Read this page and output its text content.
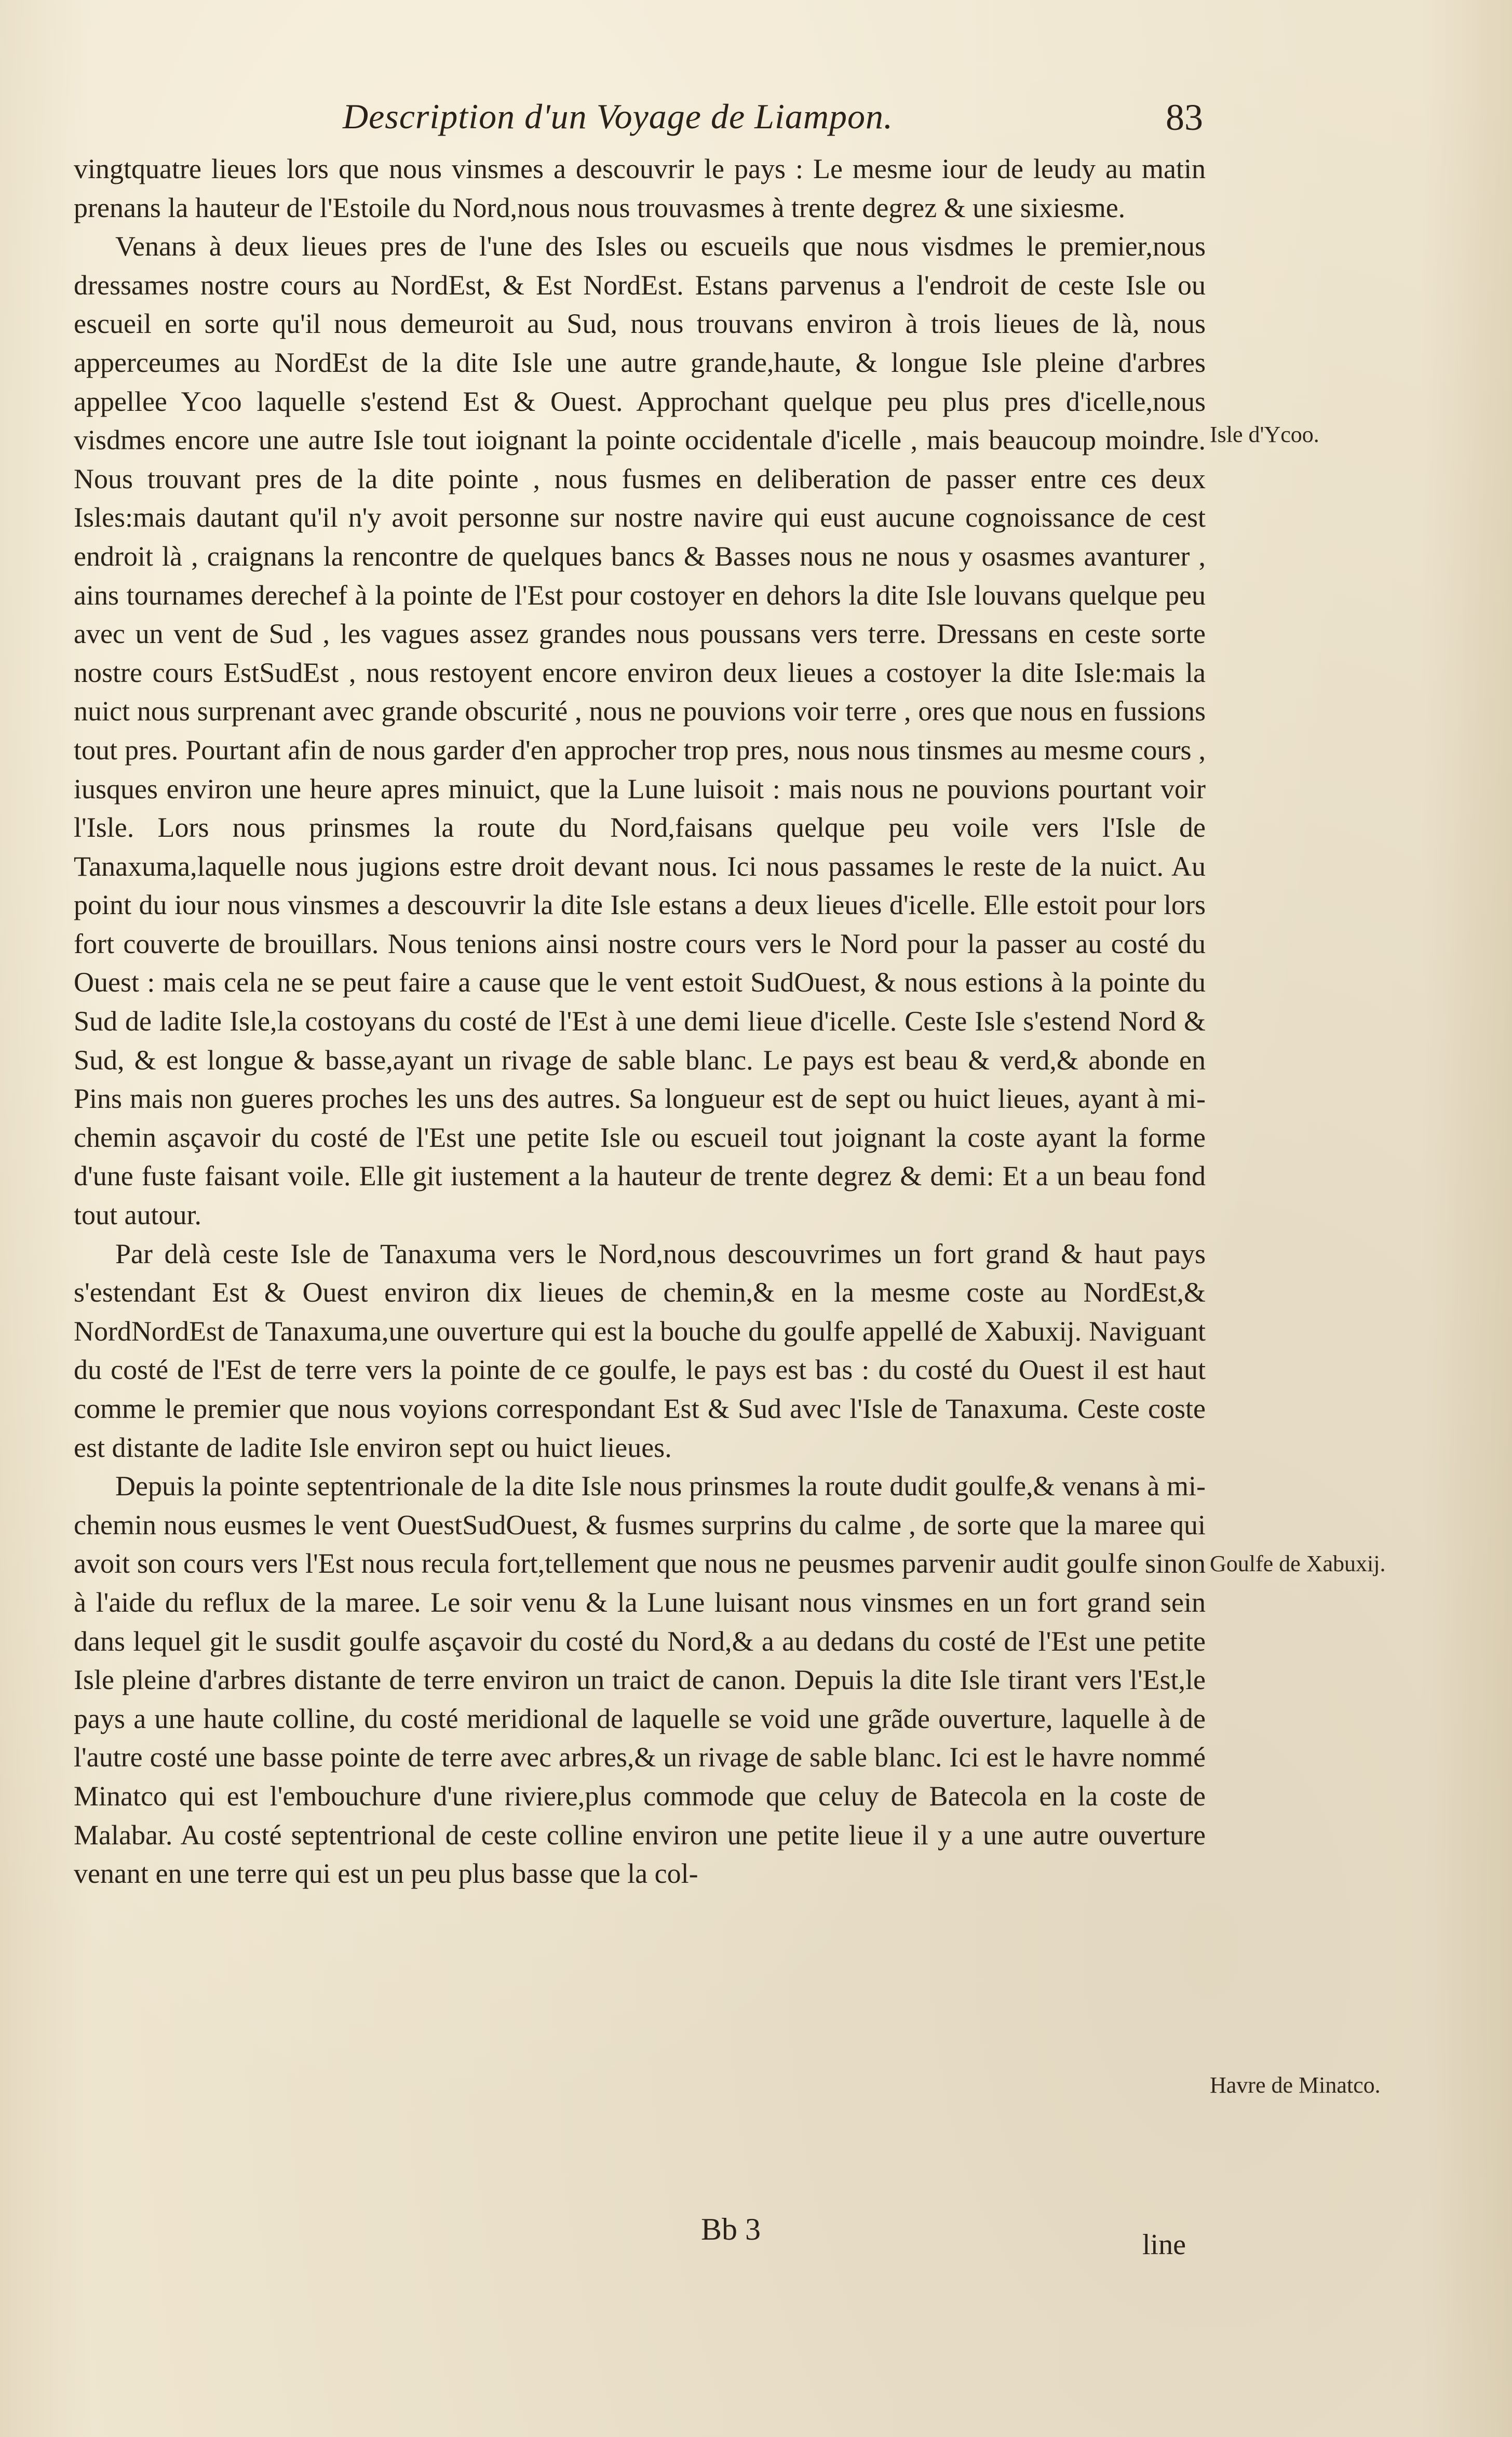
Description d'un Voyage de Liampon.	83

vingtquatre lieues lors que nous vinsmes a descouvrir le pays : Le mesme iour de leudy au matin prenans la hauteur de l'Estoile du Nord,nous nous trouvasmes à trente degrez & une sixiesme.

Venans à deux lieues pres de l'une des Isles ou escueils que nous visdmes le premier,nous dressames nostre cours au NordEst, & Est NordEst. Estans parvenus a l'endroit de ceste Isle ou escueil en sorte qu'il nous demeuroit au Sud, nous trouvans environ à trois lieues de là, nous apperceumes au NordEst de la dite Isle une autre grande,haute, & longue Isle pleine d'arbres appellee Ycoo laquelle s'estend Est & Ouest. Approchant quelque peu plus pres d'icelle,nous visdmes encore une autre Isle tout ioignant la pointe occidentale d'icelle , mais beaucoup moindre. Nous trouvant pres de la dite pointe , nous fusmes en deliberation de passer entre ces deux Isles:mais dautant qu'il n'y avoit personne sur nostre navire qui eust aucune cognoissance de cest endroit là , craignans la rencontre de quelques bancs & Basses nous ne nous y osasmes avanturer , ains tournames derechef à la pointe de l'Est pour costoyer en dehors la dite Isle louvans quelque peu avec un vent de Sud , les vagues assez grandes nous poussans vers terre. Dressans en ceste sorte nostre cours EstSudEst , nous restoyent encore environ deux lieues a costoyer la dite Isle:mais la nuict nous surprenant avec grande obscurité , nous ne pouvions voir terre , ores que nous en fussions tout pres. Pourtant afin de nous garder d'en approcher trop pres, nous nous tinsmes au mesme cours , iusques environ une heure apres minuict, que la Lune luisoit : mais nous ne pouvions pourtant voir l'Isle. Lors nous prinsmes la route du Nord,faisans quelque peu voile vers l'Isle de Tanaxuma,laquelle nous jugions estre droit devant nous. Ici nous passames le reste de la nuict. Au point du iour nous vinsmes a descouvrir la dite Isle estans a deux lieues d'icelle. Elle estoit pour lors fort couverte de brouillars. Nous tenions ainsi nostre cours vers le Nord pour la passer au costé du Ouest : mais cela ne se peut faire a cause que le vent estoit SudOuest, & nous estions à la pointe du Sud de ladite Isle,la costoyans du costé de l'Est à une demi lieue d'icelle. Ceste Isle s'estend Nord & Sud, & est longue & basse,ayant un rivage de sable blanc. Le pays est beau & verd,& abonde en Pins mais non gueres proches les uns des autres. Sa longueur est de sept ou huict lieues, ayant à mi-chemin asçavoir du costé de l'Est une petite Isle ou escueil tout joignant la coste ayant la forme d'une fuste faisant voile. Elle git iustement a la hauteur de trente degrez & demi: Et a un beau fond tout autour.

Par delà ceste Isle de Tanaxuma vers le Nord,nous descouvrimes un fort grand & haut pays s'estendant Est & Ouest environ dix lieues de chemin,& en la mesme coste au NordEst,& NordNordEst de Tanaxuma,une ouverture qui est la bouche du goulfe appellé de Xabuxij. Naviguant du costé de l'Est de terre vers la pointe de ce goulfe, le pays est bas : du costé du Ouest il est haut comme le premier que nous voyions correspondant Est & Sud avec l'Isle de Tanaxuma. Ceste coste est distante de ladite Isle environ sept ou huict lieues.

Depuis la pointe septentrionale de la dite Isle nous prinsmes la route dudit goulfe,& venans à mi-chemin nous eusmes le vent OuestSudOuest, & fusmes surprins du calme , de sorte que la maree qui avoit son cours vers l'Est nous recula fort,tellement que nous ne peusmes parvenir audit goulfe sinon à l'aide du reflux de la maree. Le soir venu & la Lune luisant nous vinsmes en un fort grand sein dans lequel git le susdit goulfe asçavoir du costé du Nord,& a au dedans du costé de l'Est une petite Isle pleine d'arbres distante de terre environ un traict de canon. Depuis la dite Isle tirant vers l'Est,le pays a une haute colline, du costé meridional de laquelle se void une grãde ouverture, laquelle à de l'autre costé une basse pointe de terre avec arbres,& un rivage de sable blanc. Ici est le havre nommé Minatco qui est l'embouchure d'une riviere,plus commode que celuy de Batecola en la coste de Malabar. Au costé septentrional de ceste colline environ une petite lieue il y a une autre ouverture venant en une terre qui est un peu plus basse que la col-

Isle d'Ycoo.
Goulfe de Xabuxij.
Havre de Minatco.
Bb 3	line
